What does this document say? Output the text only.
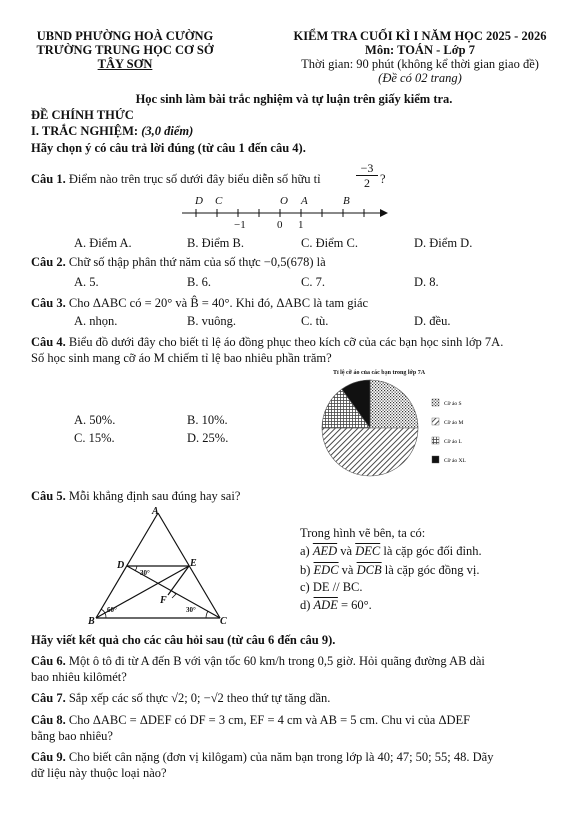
UBND PHƯỜNG HOÀ CƯỜNG
TRƯỜNG TRUNG HỌC CƠ SỞ
TÂY SƠN
KIỂM TRA CUỐI KÌ I NĂM HỌC 2025 - 2026
Môn: TOÁN - Lớp 7
Thời gian: 90 phút (không kể thời gian giao đề)
(Đề có 02 trang)
Học sinh làm bài trắc nghiệm và tự luận trên giấy kiểm tra.
ĐỀ CHÍNH THỨC
I. TRẮC NGHIỆM: (3,0 điểm)
Hãy chọn ý có câu trả lời đúng (từ câu 1 đến câu 4).
Câu 1. Điểm nào trên trục số dưới đây biểu diễn số hữu tỉ
−3
2 ?
D C	O A	B
−1	0 1
A. Điểm A.	B. Điểm B.	C. Điểm C.	D. Điểm D.
Câu 2. Chữ số thập phân thứ năm của số thực −0,5(678) là
A. 5.	B. 6.	C. 7.	D. 8.
Câu 3. Cho ΔABC có = 20° và B̂ = 40°. Khi đó, ΔABC là tam giác
A. nhọn.	B. vuông.	C. tù.	D. đều.
Câu 4. Biểu đồ dưới đây cho biết tỉ lệ áo đồng phục theo kích cỡ của các bạn học sinh lớp 7A.
Số học sinh mang cỡ áo M chiếm tỉ lệ bao nhiêu phần trăm?
A. 50%.	B. 10%.
C. 15%.	D. 25%.
Tỉ lệ cỡ áo của các bạn trong lớp 7A
Cỡ áo S
Cỡ áo M
Cỡ áo L
Cỡ áo XL
Câu 5. Mỗi khẳng định sau đúng hay sai?
A
D	E
F
B	C
30°
60°	30°
Trong hình vẽ bên, ta có:
a) $\overline{AED}$ và $\overline{DEC}$ là cặp góc đối đỉnh.
b) $\overline{EDC}$ và $\overline{DCB}$ là cặp góc đồng vị.
c) DE // BC.
d) $\overline{ADE} = 60^\circ$.
Hãy viết kết quả cho các câu hỏi sau (từ câu 6 đến câu 9).
Câu 6. Một ô tô đi từ A đến B với vận tốc 60 km/h trong 0,5 giờ. Hỏi quãng đường AB dài
bao nhiêu kilômét?
Câu 7. Sắp xếp các số thực √2; 0; −√2 theo thứ tự tăng dần.
Câu 8. Cho ΔABC = ΔDEF có DF = 3 cm, EF = 4 cm và AB = 5 cm. Chu vi của ΔDEF
bằng bao nhiêu?
Câu 9. Cho biết cân nặng (đơn vị kilôgam) của năm bạn trong lớp là 40; 47; 50; 55; 48. Dãy
dữ liệu này thuộc loại nào?
